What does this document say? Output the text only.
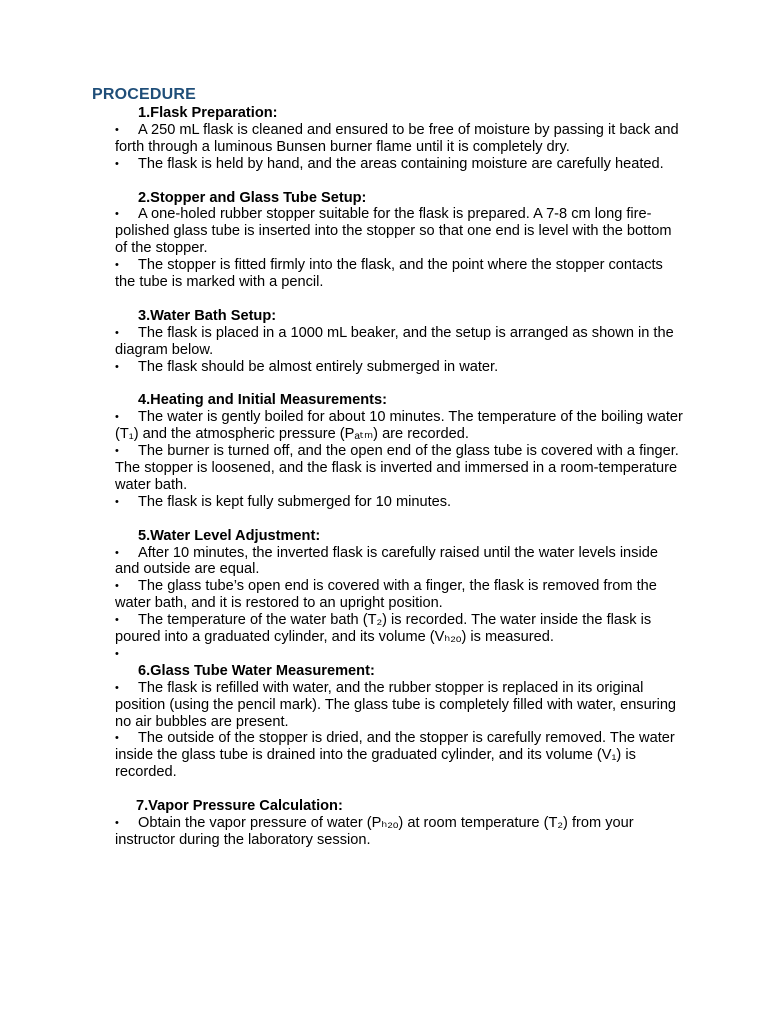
PROCEDURE
1.Flask Preparation:
•	A 250 mL flask is cleaned and ensured to be free of moisture by passing it back and forth through a luminous Bunsen burner flame until it is completely dry.
•	The flask is held by hand, and the areas containing moisture are carefully heated.
2.Stopper and Glass Tube Setup:
•	A one-holed rubber stopper suitable for the flask is prepared. A 7-8 cm long fire-polished glass tube is inserted into the stopper so that one end is level with the bottom of the stopper.
•	The stopper is fitted firmly into the flask, and the point where the stopper contacts the tube is marked with a pencil.
3.Water Bath Setup:
•	The flask is placed in a 1000 mL beaker, and the setup is arranged as shown in the diagram below.
•	The flask should be almost entirely submerged in water.
4.Heating and Initial Measurements:
•	The water is gently boiled for about 10 minutes. The temperature of the boiling water (T₁) and the atmospheric pressure (Pₐₜₘ) are recorded.
•	The burner is turned off, and the open end of the glass tube is covered with a finger. The stopper is loosened, and the flask is inverted and immersed in a room-temperature water bath.
•	The flask is kept fully submerged for 10 minutes.
5.Water Level Adjustment:
•	After 10 minutes, the inverted flask is carefully raised until the water levels inside and outside are equal.
•	The glass tube’s open end is covered with a finger, the flask is removed from the water bath, and it is restored to an upright position.
•	The temperature of the water bath (T₂) is recorded. The water inside the flask is poured into a graduated cylinder, and its volume (Vₕ₂ₒ) is measured.
•
6.Glass Tube Water Measurement:
•	The flask is refilled with water, and the rubber stopper is replaced in its original position (using the pencil mark). The glass tube is completely filled with water, ensuring no air bubbles are present.
•	The outside of the stopper is dried, and the stopper is carefully removed. The water inside the glass tube is drained into the graduated cylinder, and its volume (V₁) is recorded.
7.Vapor Pressure Calculation:
•	Obtain the vapor pressure of water (Pₕ₂ₒ) at room temperature (T₂) from your instructor during the laboratory session.
